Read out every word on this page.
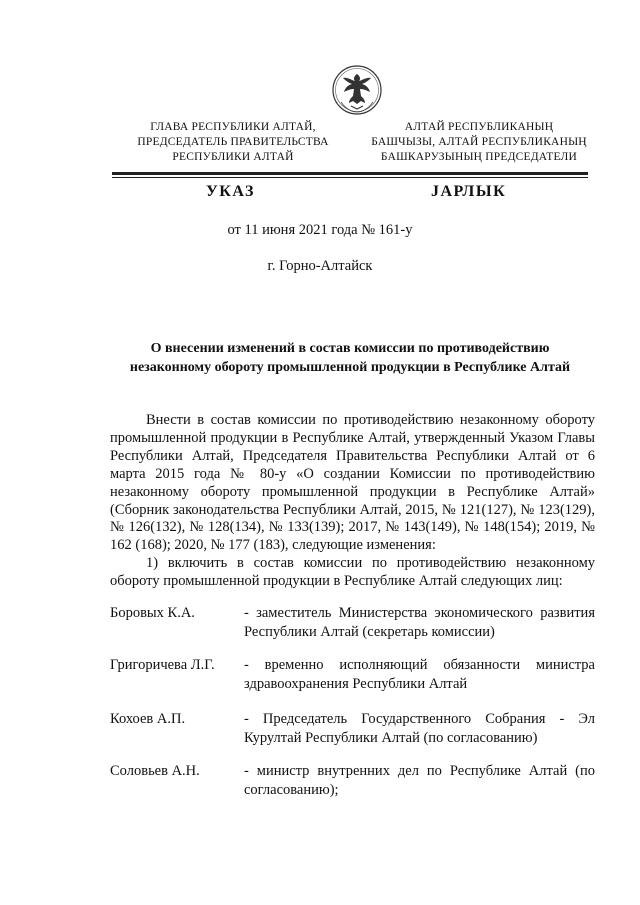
ГЛАВА РЕСПУБЛИКИ АЛТАЙ,
ПРЕДСЕДАТЕЛЬ ПРАВИТЕЛЬСТВА
РЕСПУБЛИКИ АЛТАЙ
АЛТАЙ РЕСПУБЛИКАНЫҢ
БАШЧЫЗЫ, АЛТАЙ РЕСПУБЛИКАНЫҢ
БАШКАРУЗЫНЫҢ ПРЕДСЕДАТЕЛИ
УКАЗ	JАРЛЫК
от 11 июня 2021 года № 161-у
г. Горно-Алтайск
О внесении изменений в состав комиссии по противодействию
незаконному обороту промышленной продукции в Республике Алтай

Внести в состав комиссии по противодействию незаконному обороту промышленной продукции в Республике Алтай, утвержденный Указом Главы Республики Алтай, Председателя Правительства Республики Алтай от 6 марта 2015 года № 80-у «О создании Комиссии по противодействию незаконному обороту промышленной продукции в Республике Алтай» (Сборник законодательства Республики Алтай, 2015, № 121(127), № 123(129), № 126(132), № 128(134), № 133(139); 2017, № 143(149), № 148(154); 2019, № 162 (168); 2020, № 177 (183), следующие изменения:

1) включить в состав комиссии по противодействию незаконному обороту промышленной продукции в Республике Алтай следующих лиц:

Боровых К.А.	- заместитель Министерства экономического развития Республики Алтай (секретарь комиссии)
Григоричева Л.Г.	- временно исполняющий обязанности министра здравоохранения Республики Алтай
Кохоев А.П.	- Председатель Государственного Собрания - Эл Курултай Республики Алтай (по согласованию)
Соловьев А.Н.	- министр внутренних дел по Республике Алтай (по согласованию);
